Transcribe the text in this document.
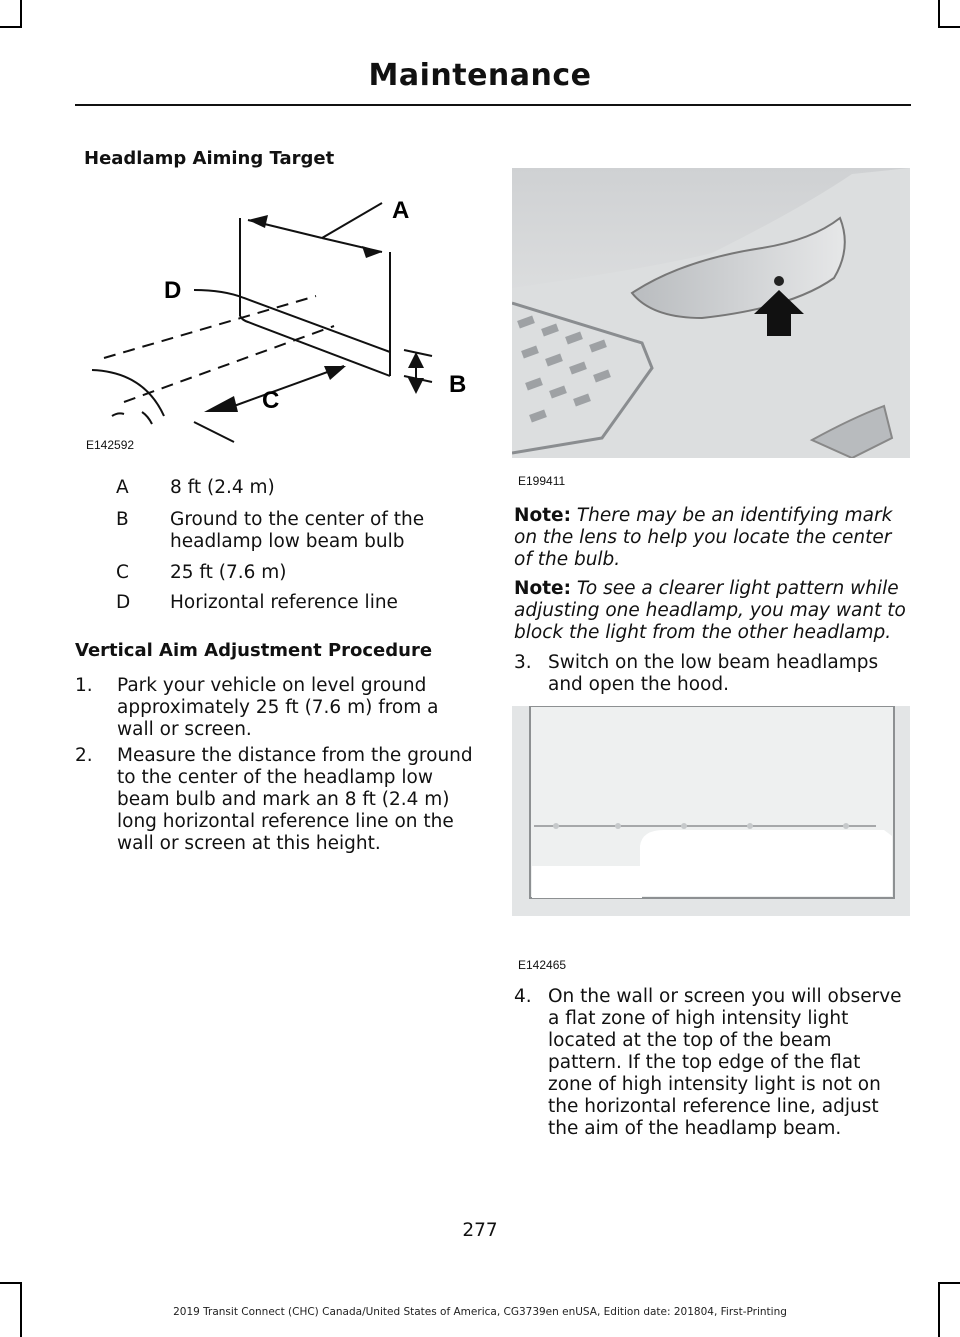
Maintenance
Headlamp Aiming Target
A
B
C
D
E142592
A	8 ft (2.4 m)
B	Ground to the center of the headlamp low beam bulb
C	25 ft (7.6 m)
D	Horizontal reference line
Vertical Aim Adjustment Procedure
1. Park your vehicle on level ground approximately 25 ft (7.6 m) from a wall or screen.
2. Measure the distance from the ground to the center of the headlamp low beam bulb and mark an 8 ft (2.4 m) long horizontal reference line on the wall or screen at this height.
E199411
Note: There may be an identifying mark on the lens to help you locate the center of the bulb.
Note: To see a clearer light pattern while adjusting one headlamp, you may want to block the light from the other headlamp.
3. Switch on the low beam headlamps and open the hood.
E142465
4. On the wall or screen you will observe a flat zone of high intensity light located at the top of the beam pattern. If the top edge of the flat zone of high intensity light is not on the horizontal reference line, adjust the aim of the headlamp beam.
277
2019 Transit Connect (CHC) Canada/United States of America, CG3739en enUSA, Edition date: 201804, First-Printing
